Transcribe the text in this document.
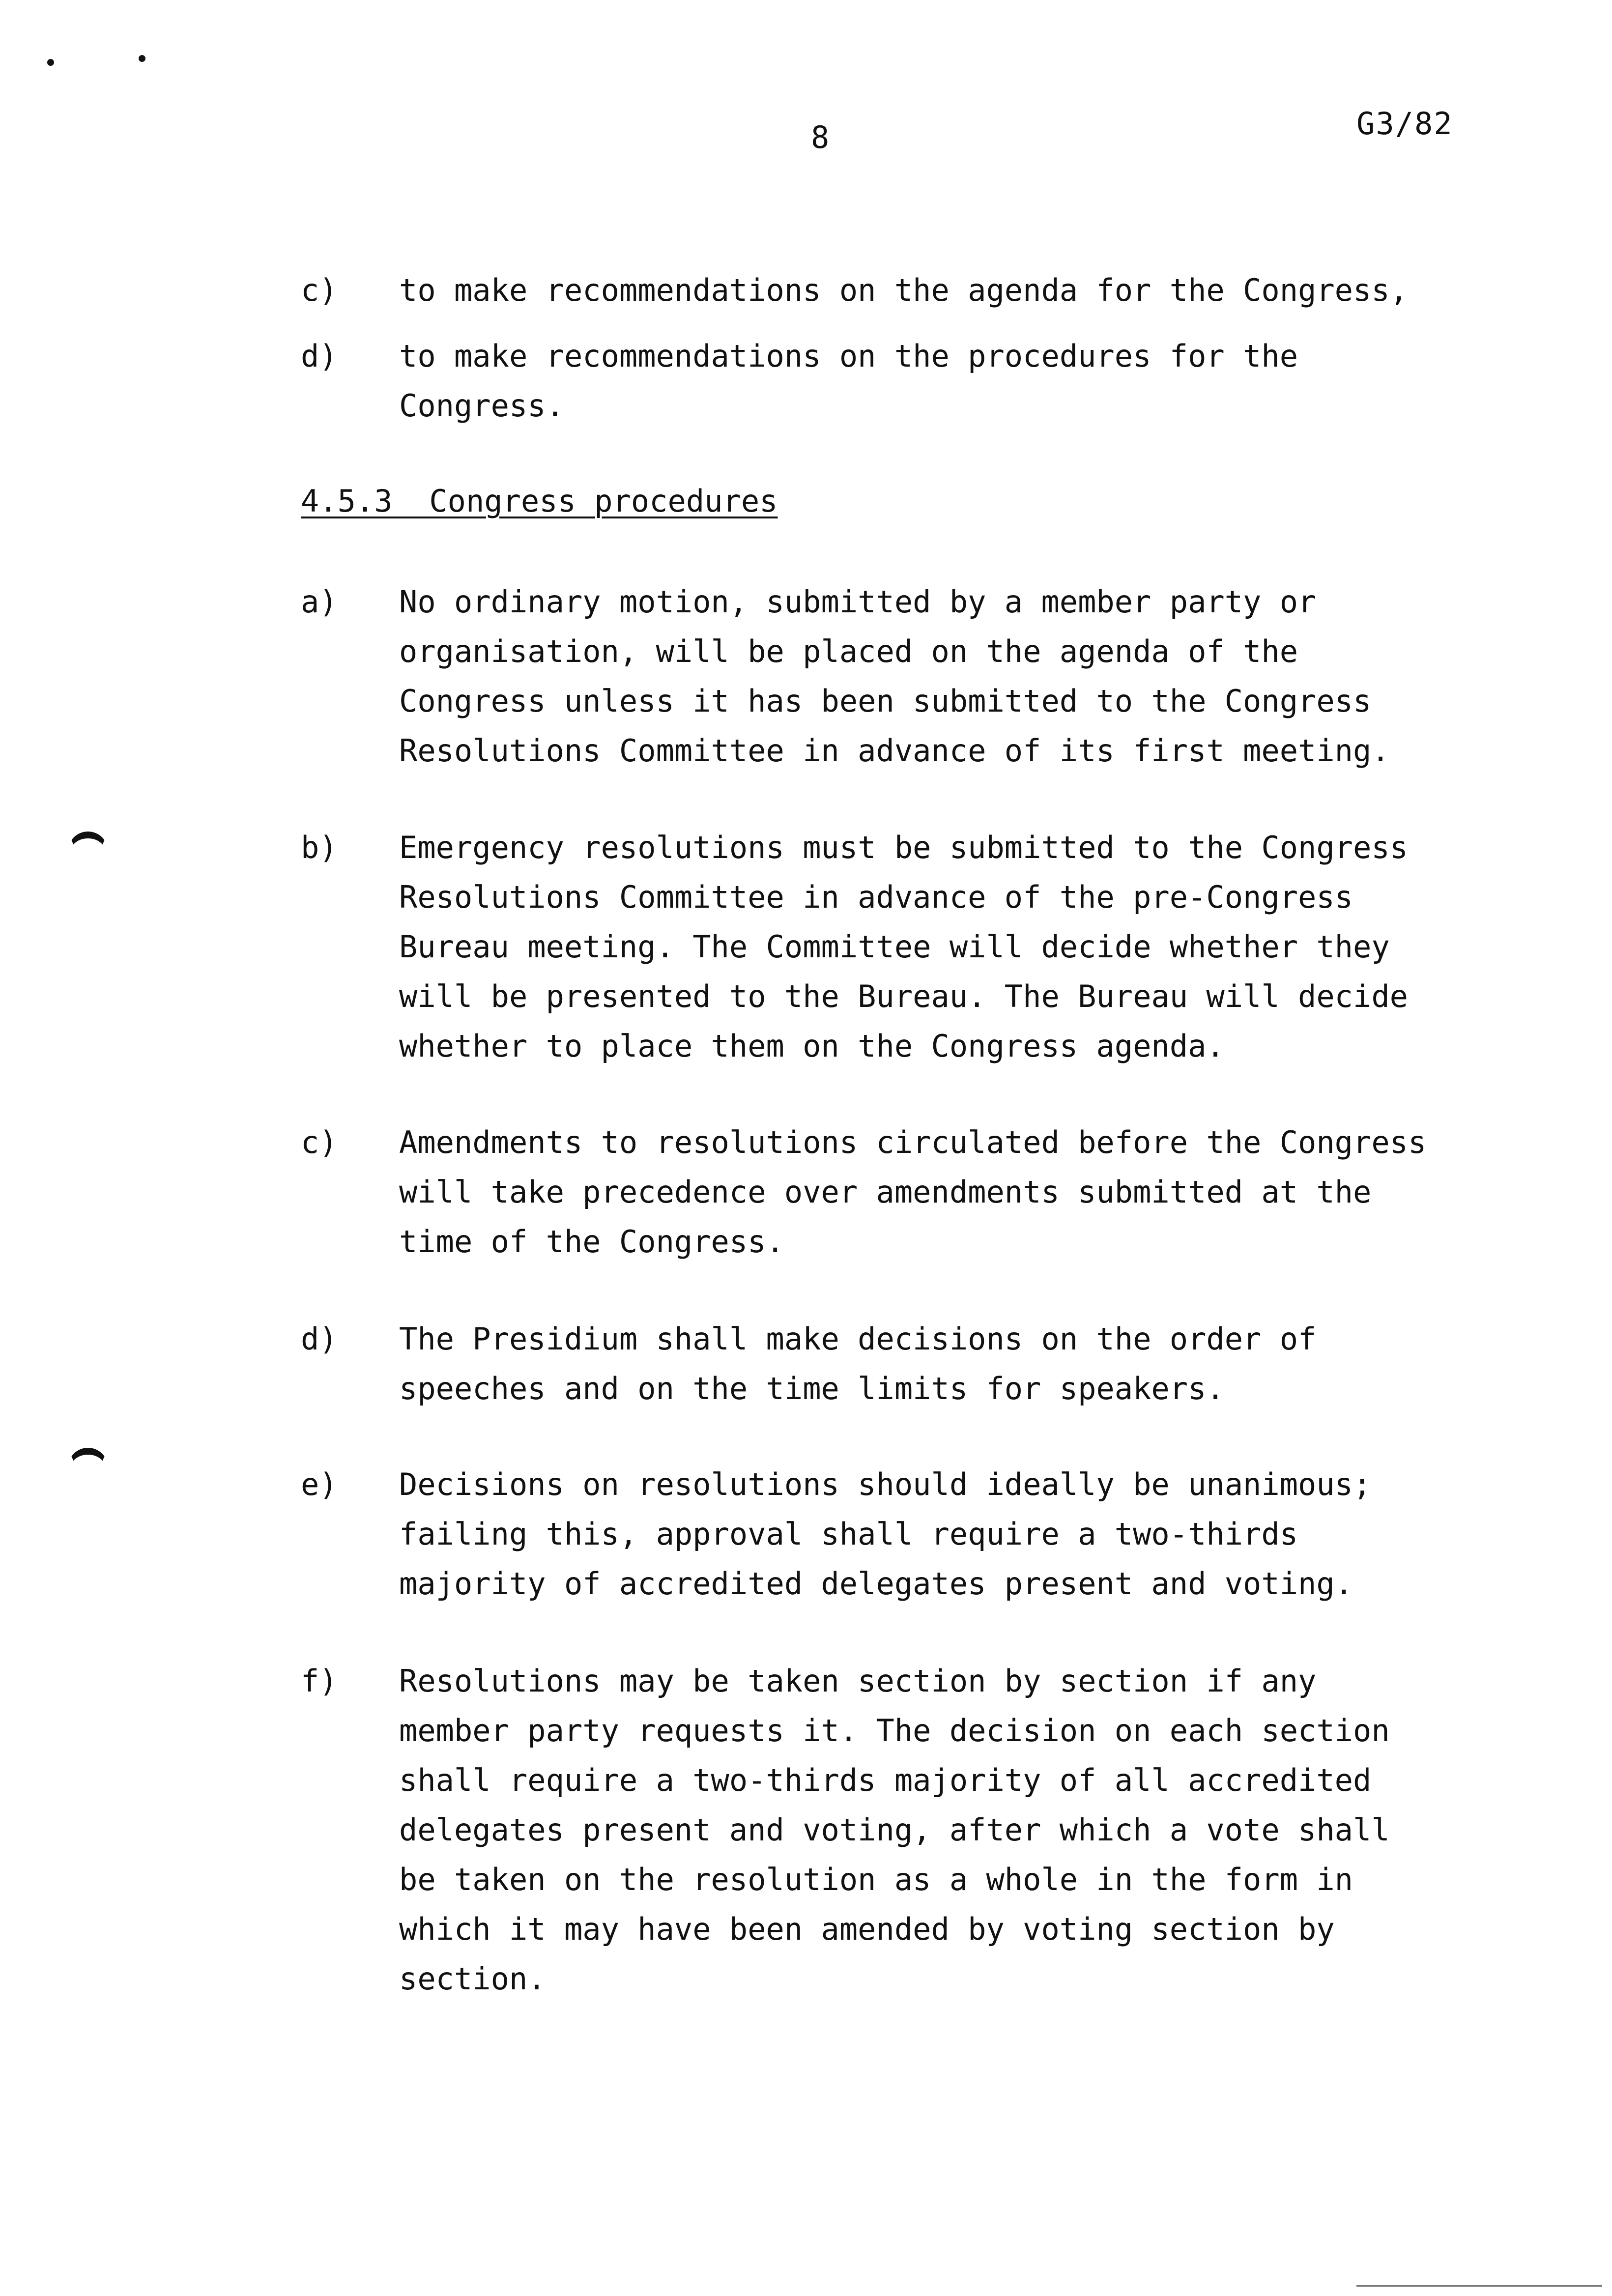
8	G3/82
c)	to make recommendations on the agenda for the Congress,
d)	to make recommendations on the procedures for the
Congress.
4.5.3  Congress procedures
a)	No ordinary motion, submitted by a member party or
organisation, will be placed on the agenda of the
Congress unless it has been submitted to the Congress
Resolutions Committee in advance of its first meeting.
b)	Emergency resolutions must be submitted to the Congress
Resolutions Committee in advance of the pre-Congress
Bureau meeting. The Committee will decide whether they
will be presented to the Bureau. The Bureau will decide
whether to place them on the Congress agenda.
c)	Amendments to resolutions circulated before the Congress
will take precedence over amendments submitted at the
time of the Congress.
d)	The Presidium shall make decisions on the order of
speeches and on the time limits for speakers.
e)	Decisions on resolutions should ideally be unanimous;
failing this, approval shall require a two-thirds
majority of accredited delegates present and voting.
f)	Resolutions may be taken section by section if any
member party requests it. The decision on each section
shall require a two-thirds majority of all accredited
delegates present and voting, after which a vote shall
be taken on the resolution as a whole in the form in
which it may have been amended by voting section by
section.
